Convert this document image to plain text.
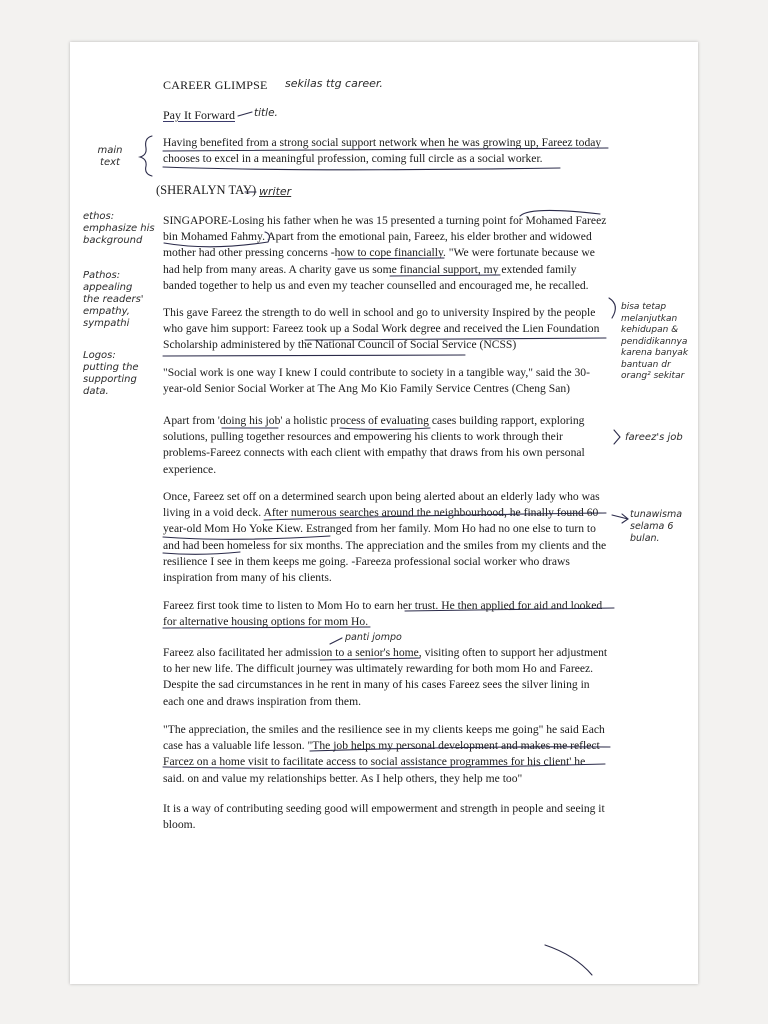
CAREER GLIMPSE
Pay It Forward

Having benefited from a strong social support network when he was growing up, Fareez today chooses to excel in a meaningful profession, coming full circle as a social worker.

(SHERALYN TAY)

SINGAPORE-Losing his father when he was 15 presented a turning point for Mohamed Fareez bin Mohamed Fahmy. Apart from the emotional pain, Fareez, his elder brother and widowed mother had other pressing concerns -how to cope financially. "We were fortunate because we had help from many areas. A charity gave us some financial support, my extended family banded together to help us and even my teacher counselled and encouraged me, he recalled.

This gave Fareez the strength to do well in school and go to university Inspired by the people who gave him support: Fareez took up a Sodal Work degree and received the Lien Foundation Scholarship administered by the National Council of Social Service (NCSS)

"Social work is one way I knew I could contribute to society in a tangible way," said the 30-year-old Senior Social Worker at The Ang Mo Kio Family Service Centres (Cheng San)

Apart from 'doing his job' a holistic process of evaluating cases building rapport, exploring solutions, pulling together resources and empowering his clients to work through their problems-Fareez connects with each client with empathy that draws from his own personal experience.

Once, Fareez set off on a determined search upon being alerted about an elderly lady who was living in a void deck. After numerous searches around the neighbourhood, he finally found 60-year-old Mom Ho Yoke Kiew. Estranged from her family. Mom Ho had no one else to turn to and had been homeless for six months. The appreciation and the smiles from my clients and the resilience I see in them keeps me going. -Fareeza professional social worker who draws inspiration from many of his clients.

Fareez first took time to listen to Mom Ho to earn her trust. He then applied for aid and looked for alternative housing options for mom Ho.

Fareez also facilitated her admission to a senior's home, visiting often to support her adjustment to her new life. The difficult journey was ultimately rewarding for both mom Ho and Fareez. Despite the sad circumstances in he rent in many of his cases Fareez sees the silver lining in each one and draws inspiration from them.

"The appreciation, the smiles and the resilience see in my clients keeps me going" he said Each case has a valuable life lesson. "The job helps my personal development and makes me reflect Farcez on a home visit to facilitate access to social assistance programmes for his client' he said. on and value my relationships better. As I help others, they help me too"

It is a way of contributing seeding good will empowerment and strength in people and seeing it bloom.

sekilas ttg career.
title.
main text
writer
ethos: emphasize his background
Pathos: appealing the readers' empathy, sympathi
Logos: putting the supporting data.
bisa tetap melanjutkan kehidupan & pendidikannya karena banyak bantuan dr orang² sekitar
fareez's job
tunawisma selama 6 bulan.
panti jompo
